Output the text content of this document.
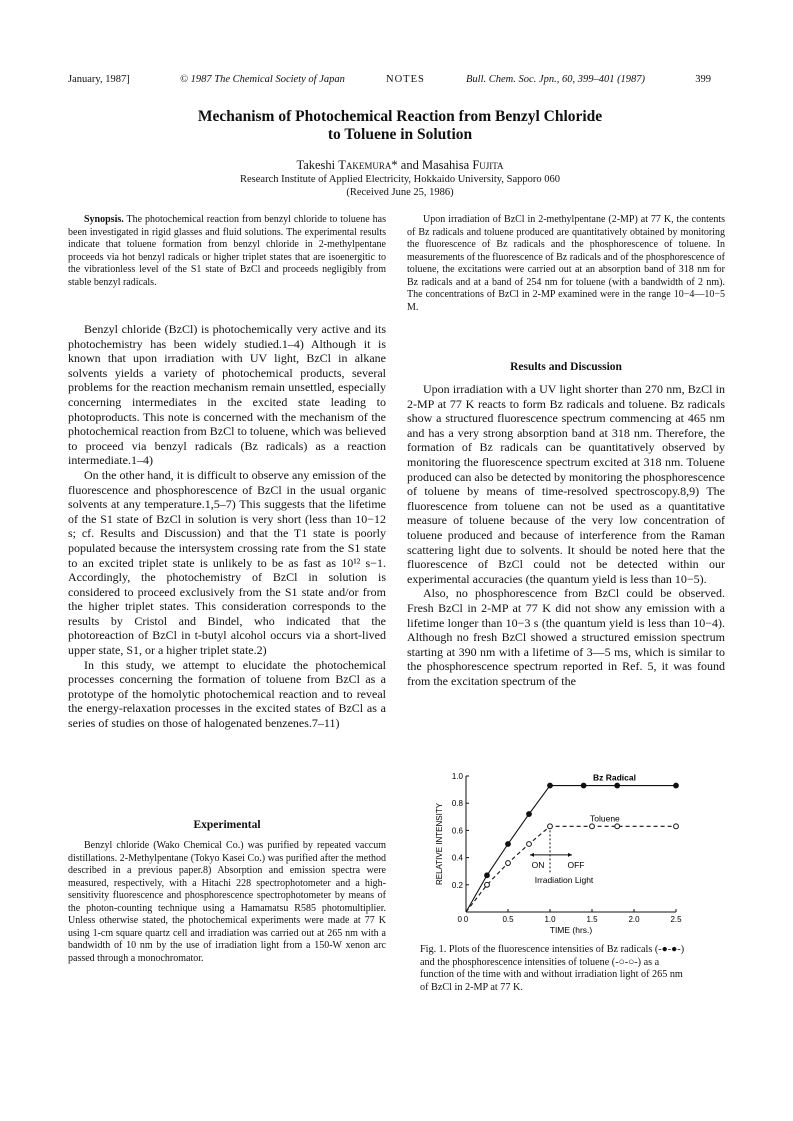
January, 1987]	© 1987 The Chemical Society of Japan	NOTES	Bull. Chem. Soc. Jpn., 60, 399–401 (1987)	399
Mechanism of Photochemical Reaction from Benzyl Chloride
to Toluene in Solution
Takeshi Takemura* and Masahisa Fujita
Research Institute of Applied Electricity, Hokkaido University, Sapporo 060
(Received June 25, 1986)

Synopsis. The photochemical reaction from benzyl chloride to toluene has been investigated in rigid glasses and fluid solutions. The experimental results indicate that toluene formation from benzyl chloride in 2-methylpentane proceeds via hot benzyl radicals or higher triplet states that are isoenergitic to the vibrationless level of the S1 state of BzCl and proceeds negligibly from stable benzyl radicals.

Benzyl chloride (BzCl) is photochemically very active and its photochemistry has been widely studied.1–4) Although it is known that upon irradiation with UV light, BzCl in alkane solvents yields a variety of photochemical products, several problems for the reaction mechanism remain unsettled, especially concerning intermediates in the excited state leading to photoproducts. This note is concerned with the mechanism of the photochemical reaction from BzCl to toluene, which was believed to proceed via benzyl radicals (Bz radicals) as a reaction intermediate.1–4)

On the other hand, it is difficult to observe any emission of the fluorescence and phosphorescence of BzCl in the usual organic solvents at any temperature.1,5–7) This suggests that the lifetime of the S1 state of BzCl in solution is very short (less than 10−12 s; cf. Results and Discussion) and that the T1 state is poorly populated because the intersystem crossing rate from the S1 state to an excited triplet state is unlikely to be as fast as 10¹² s−1. Accordingly, the photochemistry of BzCl in solution is considered to proceed exclusively from the S1 state and/or from the higher triplet states. This consideration corresponds to the results by Cristol and Bindel, who indicated that the photoreaction of BzCl in t-butyl alcohol occurs via a short-lived upper state, S1, or a higher triplet state.2)

In this study, we attempt to elucidate the photochemical processes concerning the formation of toluene from BzCl as a prototype of the homolytic photochemical reaction and to reveal the energy-relaxation processes in the excited states of BzCl as a series of studies on those of halogenated benzenes.7–11)

Experimental

Benzyl chloride (Wako Chemical Co.) was purified by repeated vaccum distillations. 2-Methylpentane (Tokyo Kasei Co.) was purified after the method described in a previous paper.8) Absorption and emission spectra were measured, respectively, with a Hitachi 228 spectrophotometer and a high-sensitivity fluorescence and phosphorescence spectrophotometer by means of the photon-counting technique using a Hamamatsu R585 photomultiplier. Unless otherwise stated, the photochemical experiments were made at 77 K using 1-cm square quartz cell and irradiation was carried out at 265 nm with a bandwidth of 10 nm by the use of irradiation light from a 150-W xenon arc passed through a monochromator.

Upon irradiation of BzCl in 2-methylpentane (2-MP) at 77 K, the contents of Bz radicals and toluene produced are quantitatively obtained by monitoring the fluorescence of Bz radicals and the phosphorescence of toluene. In measurements of the fluorescence of Bz radicals and of the phosphorescence of toluene, the excitations were carried out at an absorption band of 318 nm for Bz radicals and at a band of 254 nm for toluene (with a bandwidth of 2 nm). The concentrations of BzCl in 2-MP examined were in the range 10−4—10−5 M.

Results and Discussion

Upon irradiation with a UV light shorter than 270 nm, BzCl in 2-MP at 77 K reacts to form Bz radicals and toluene. Bz radicals show a structured fluorescence spectrum commencing at 465 nm and has a very strong absorption band at 318 nm. Therefore, the formation of Bz radicals can be quantitatively observed by monitoring the fluorescence spectrum excited at 318 nm. Toluene produced can also be detected by monitoring the phosphorescence of toluene by means of time-resolved spectroscopy.8,9) The fluorescence from toluene can not be used as a quantitative measure of toluene because of the very low concentration of toluene produced and because of interference from the Raman scattering light due to solvents. It should be noted here that the fluorescence of BzCl could not be detected within our experimental accuracies (the quantum yield is less than 10−5).

Also, no phosphorescence from BzCl could be observed. Fresh BzCl in 2-MP at 77 K did not show any emission with a lifetime longer than 10−3 s (the quantum yield is less than 10−4). Although no fresh BzCl showed a structured emission spectrum starting at 390 nm with a lifetime of 3—5 ms, which is similar to the phosphorescence spectrum reported in Ref. 5, it was found from the excitation spectrum of the

0	0.5	1.0	1.5	2.0	2.5
0.2
0.4
0.6
0.8
1.0
0
TIME (hrs.)
RELATIVE INTENSITY
Bz Radical
Toluene
ON	OFF
Irradiation Light
Fig. 1. Plots of the fluorescence intensities of Bz radicals (-●-●-) and the phosphorescence intensities of toluene (-○-○-) as a function of the time with and without irradiation light of 265 nm of BzCl in 2-MP at 77 K.
